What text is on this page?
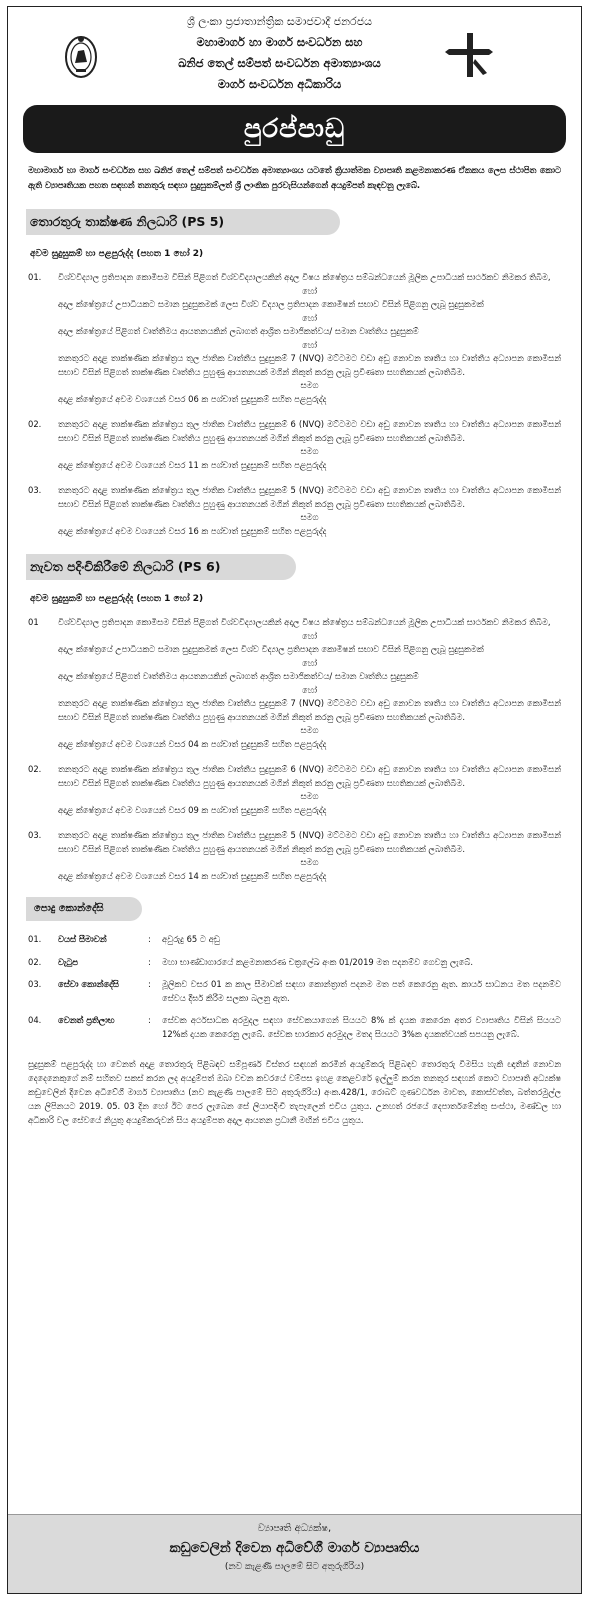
ශ්‍රී ලංකා ප්‍රජාතාන්ත්‍රික සමාජවාදී ජනරජය
මහාමාර්ග හා මාර්ග සංවර්ධන සහ
ඛනිජ තෙල් සම්පත් සංවර්ධන අමාත්‍යාංශය
මාර්ග සංවර්ධන අධිකාරිය
පුරප්පාඩු

මහාමාර්ග හා මාර්ග සංවර්ධන සහ ඛනිජ තෙල් සම්පත් සංවර්ධන අමාත්‍යාංශය යටතේ ක්‍රියාත්මක ව්‍යාපෘති කළමනාකරණ ඒකකය ලෙස ස්ථාපිත කොට ඇති ව්‍යාපෘතියක පහත සඳහන් තනතුරු සඳහා සුදුසුකම්ලත් ශ්‍රී ලාංකික පුරවැසියන්ගෙන් අයදුම්පත් කැඳවනු ලැබේ.

තොරතුරු තාක්ෂණ නිලධාරි (PS 5)
අවම සුදුසුකම් හා පළපුරුද්ද (පහත 1 හෝ 2)
01. විශ්වවිද්‍යාල ප්‍රතිපාදන කොමිසම විසින් පිළිගත් විශ්වවිද්‍යාලයකින් අදාල විෂය ක්ෂේත්‍රය සම්බන්ධයෙන් මූලික උපාධියක් සාර්ථකව නිමකර තිබීම,

හෝ

අදාල ක්ෂේත්‍රයේ උපාධියකට සමාන සුදුසුකමක් ලෙස විශ්ව විද්‍යාල ප්‍රතිපාදන කොමිෂන් සභාව විසින් පිළිගනු ලැබූ සුදුසුකමක්

හෝ

අදාල ක්ෂේත්‍රයේ පිළිගත් වෘත්තීමය ආයතනයකින් ලබාගත් ආශ්‍රිත සමාජිකත්වය/ සමාන වෘත්තිය සුදුසුකම්

හෝ

තනතුරට අදාළ තාක්ෂණික ක්ෂේත්‍රය තුල ජාතික වෘත්තීය සුදුසුකම් 7 (NVQ) මට්ටමට වඩා අඩු නොවන තෘතීය හා වෘත්තීය අධ්‍යාපන කොමිසන් සභාව විසින් පිළිගත් තාක්ෂණික වෘත්තිය පුහුණු ආයතනයක් මගින් නිකුත් කරනු ලැබූ ප්‍රවීණතා සහතිකයක් ලබාතිබීම.

සමග

අදාළ ක්ෂේත්‍රයේ අවම වශයෙන් වසර 06 ක පශ්චාත් සුදුසුකම් සහිත පළපුරුද්ද

02. තනතුරට අදාළ තාක්ෂණික ක්ෂේත්‍රය තුල ජාතික වෘත්තීය සුදුසුකම් 6 (NVQ) මට්ටමට වඩා අඩු නොවන තෘතීය හා වෘත්තීය අධ්‍යාපන කොමිසන් සභාව විසින් පිළිගත් තාක්ෂණික වෘත්තිය පුහුණු ආයතනයක් මගින් නිකුත් කරනු ලැබූ ප්‍රවීණතා සහතිකයක් ලබාතිබීම.

සමග

අදාළ ක්ෂේත්‍රයේ අවම වශයෙන් වසර 11 ක පශ්චාත් සුදුසුකම් සහිත පළපුරුද්ද

03. තනතුරට අදාළ තාක්ෂණික ක්ෂේත්‍රය තුල ජාතික වෘත්තීය සුදුසුකම් 5 (NVQ) මට්ටමට වඩා අඩු නොවන තෘතීය හා වෘත්තීය අධ්‍යාපන කොමිසන් සභාව විසින් පිළිගත් තාක්ෂණික වෘත්තිය පුහුණු ආයතනයක් මගින් නිකුත් කරනු ලැබූ ප්‍රවීණතා සහතිකයක් ලබාතිබීම.

සමග

අදාළ ක්ෂේත්‍රයේ අවම වශයෙන් වසර 16 ක පශ්චාත් සුදුසුකම් සහිත පළපුරුද්ද

නැවත පදිංචිකිරීමේ නිලධාරි (PS 6)
අවම සුදුසුකම් හා පළපුරුද්ද (පහත 1 හෝ 2)
01 විශ්වවිද්‍යාල ප්‍රතිපාදන කොමිසම විසින් පිළිගත් විශ්වවිද්‍යාලයකින් අදාල විෂය ක්ෂේත්‍රය සම්බන්ධයෙන් මූලික උපාධියක් සාර්ථකව නිමකර තිබීම,

හෝ

අදාල ක්ෂේත්‍රයේ උපාධියකට සමාන සුදුසුකමක් ලෙස විශ්ව විද්‍යාල ප්‍රතිපාදන කොමිෂන් සභාව විසින් පිළිගනු ලැබූ සුදුසුකමක්

හෝ

අදාල ක්ෂේත්‍රයේ පිළිගත් වෘත්තීමය ආයතනයකින් ලබාගත් ආශ්‍රිත සමාජිකත්වය/ සමාන වෘත්තිය සුදුසුකම්

හෝ

තනතුරට අදාළ තාක්ෂණික ක්ෂේත්‍රය තුල ජාතික වෘත්තීය සුදුසුකම් 7 (NVQ) මට්ටමට වඩා අඩු නොවන තෘතීය හා වෘත්තීය අධ්‍යාපන කොමිසන් සභාව විසින් පිළිගත් තාක්ෂණික වෘත්තිය පුහුණු ආයතනයක් මගින් නිකුත් කරනු ලැබූ ප්‍රවීණතා සහතිකයක් ලබාතිබීම.

සමග

අදාළ ක්ෂේත්‍රයේ අවම වශයෙන් වසර 04 ක පශ්චාත් සුදුසුකම් සහිත පළපුරුද්ද

02. තනතුරට අදාළ තාක්ෂණික ක්ෂේත්‍රය තුල ජාතික වෘත්තීය සුදුසුකම් 6 (NVQ) මට්ටමට වඩා අඩු නොවන තෘතීය හා වෘත්තීය අධ්‍යාපන කොමිසන් සභාව විසින් පිළිගත් තාක්ෂණික වෘත්තිය පුහුණු ආයතනයක් මගින් නිකුත් කරනු ලැබූ ප්‍රවීණතා සහතිකයක් ලබාතිබීම.

සමග

අදාළ ක්ෂේත්‍රයේ අවම වශයෙන් වසර 09 ක පශ්චාත් සුදුසුකම් සහිත පළපුරුද්ද

03. තනතුරට අදාළ තාක්ෂණික ක්ෂේත්‍රය තුල ජාතික වෘත්තීය සුදුසුකම් 5 (NVQ) මට්ටමට වඩා අඩු නොවන තෘතීය හා වෘත්තීය අධ්‍යාපන කොමිසන් සභාව විසින් පිළිගත් තාක්ෂණික වෘත්තිය පුහුණු ආයතනයක් මගින් නිකුත් කරනු ලැබූ ප්‍රවීණතා සහතිකයක් ලබාතිබීම.

සමග

අදාළ ක්ෂේත්‍රයේ අවම වශයෙන් වසර 14 ක පශ්චාත් සුදුසුකම් සහිත පළපුරුද්ද

පොදු කොන්දේසි
01.	වයස් සීමාවන්	:	අවුරුදු 65 ට අඩු
02.	වැටුප	:	මහා භාණ්ඩාගාරයේ කළමනාකරණ චක්‍රලේඛ අංක 01/2019 මත පදනම්ව ගෙවනු ලැබේ.
03.	සේවා කොන්දේසි	:	මූලිකව වසර 01 ක කාල සීමාවක් සඳහා කොන්ත්‍රාත් පදනම මත පත් කෙරෙනු ඇත. කාර්ය සාධනය මත පදනම්ව සේවය දීර්ඝ කිරීම සලකා බලනු ඇත.
04.	වෙනත් ප්‍රතිලාභ	:	සේවක අර්ථසාධක අරමුදල සඳහා සේවකයාගෙන් සියයට 8% ක් දායක කෙරෙන අතර ව්‍යාපෘතිය විසින් සියයට 12%ක් දායක කෙරෙනු ලැබේ. සේවක භාරකාර අරමුදල මතද සියයට 3%ක දායකත්වයක් සපයනු ලැබේ.

සුදුසුකම් පළපුරුද්ද හා වෙනත් අදාළ තොරතුරු පිළිබඳව සම්පූර්ණ විස්තර සඳහන් කරමින් අයදුම්කරු පිළිබඳව තොරතුරු විමසිය හැකි ඥාතීන් නොවන දෙදෙනෙකුගේ නම් සහිතව සකස් කරන ලද අයදුම්පත් ඔබා වචන කවරයේ වම්පස ඉහළ කෙළවරේ ඉල්ලුම් කරන තනතුර සඳහන් කොට ව්‍යාපෘති අධ්‍යක්ෂ කඩුවෙලින් දිවෙන අධිවේගී මාර්ග ව්‍යාපෘතිය (නව කැළණි පාලමේ සිට අතුරුගිරිය) අංක.428/1, රොබට් ගුණවර්ධන මාවත, කොස්වත්ත, බත්තරමුල්ල යන ලිපිනයට 2019. 05. 03 දින හෝ ඊට පෙර ලැබෙන සේ ලියාපදිංචි තැපෑලෙන් එවිය යුතුය. උනහත් රජයේ දෙපාර්තමේන්තු සංස්ථා, මණ්ඩල හා අධිකාරි වල සේවයේ නියුතු අයදුම්කරුවන් සිය අයදුම්පත අදාල ආයතන ප්‍රධානී මඟින් එවිය යුතුය.

ව්‍යාපෘති අධ්‍යක්ෂ,
කඩුවෙලින් දිවෙන අධිවේගී මාර්ග ව්‍යාපෘතිය
(නව කැළණි පාලමේ සිට අතුරුගිරිය)
